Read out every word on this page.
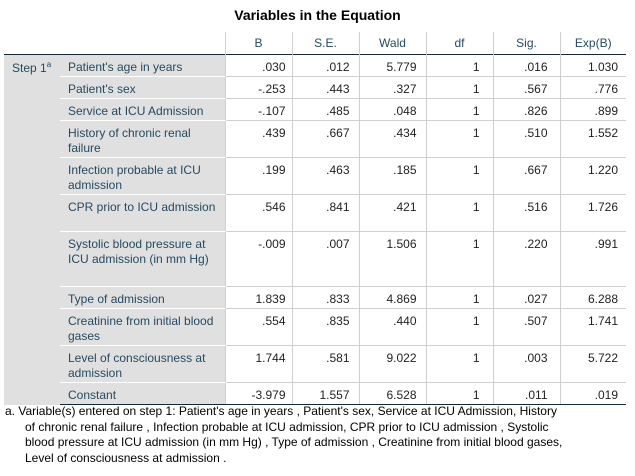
Variables in the Equation
		B	S.E.	Wald	df	Sig.	Exp(B)
Step 1$^a$	Patient's age in years	.030	.012	5.779	1	.016	1.030
	Patient's sex	-.253	.443	.327	1	.567	.776
	Service at ICU Admission	-.107	.485	.048	1	.826	.899
	History of chronic renal failure	.439	.667	.434	1	.510	1.552
	Infection probable at ICU admission	.199	.463	.185	1	.667	1.220
	CPR prior to ICU admission	.546	.841	.421	1	.516	1.726
	Systolic blood pressure at ICU admission (in mm Hg)	-.009	.007	1.506	1	.220	.991
	Type of admission	1.839	.833	4.869	1	.027	6.288
	Creatinine from initial blood gases	.554	.835	.440	1	.507	1.741
	Level of consciousness at admission	1.744	.581	9.022	1	.003	5.722
	Constant	-3.979	1.557	6.528	1	.011	.019
a. Variable(s) entered on step 1: Patient's age in years , Patient's sex, Service at ICU Admission, History
of chronic renal failure , Infection probable at ICU admission, CPR prior to ICU admission , Systolic
blood pressure at ICU admission (in mm Hg) , Type of admission , Creatinine from initial blood gases,
Level of consciousness at admission .
